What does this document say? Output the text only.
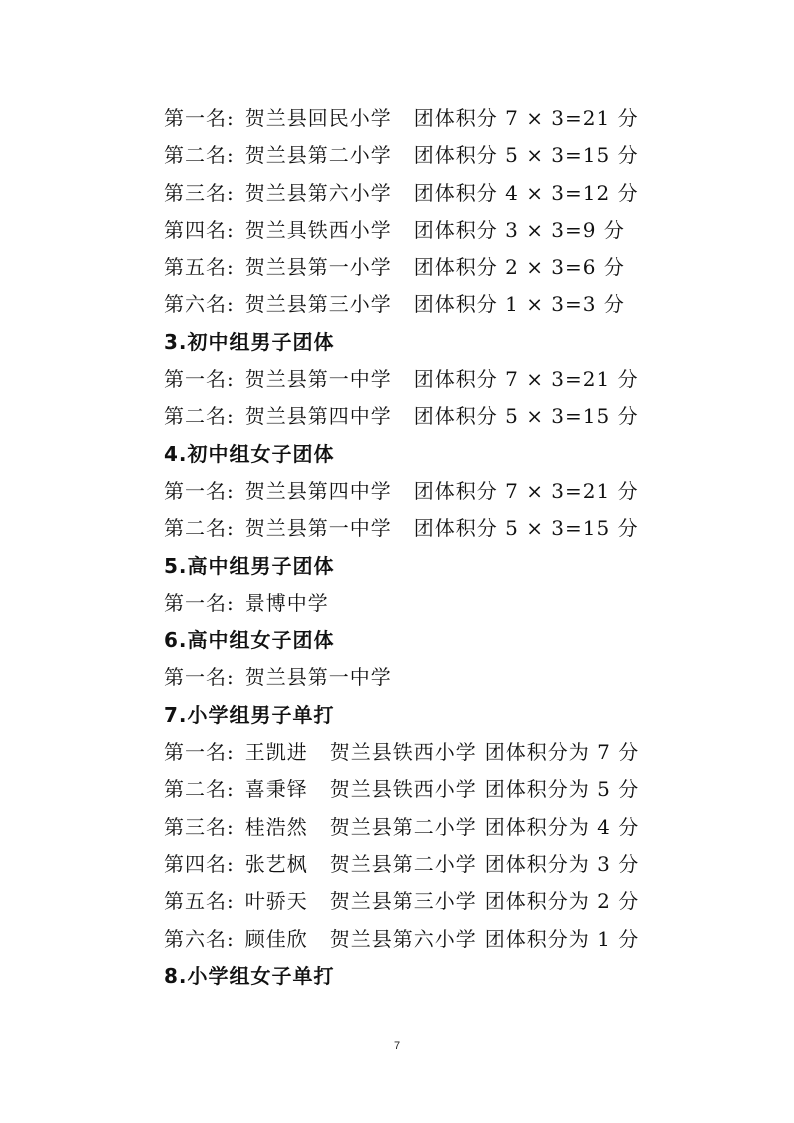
第一名: 贺兰县回民小学 团体积分 7 × 3=21 分
第二名: 贺兰县第二小学 团体积分 5 × 3=15 分
第三名: 贺兰县第六小学 团体积分 4 × 3=12 分
第四名: 贺兰具铁西小学 团体积分 3 × 3=9 分
第五名: 贺兰县第一小学 团体积分 2 × 3=6 分
第六名: 贺兰县第三小学 团体积分 1 × 3=3 分
3.初中组男子团体
第一名: 贺兰县第一中学 团体积分 7 × 3=21 分
第二名: 贺兰县第四中学 团体积分 5 × 3=15 分
4.初中组女子团体
第一名: 贺兰县第四中学 团体积分 7 × 3=21 分
第二名: 贺兰县第一中学 团体积分 5 × 3=15 分
5.高中组男子团体
第一名: 景博中学
6.高中组女子团体
第一名: 贺兰县第一中学
7.小学组男子单打
第一名: 王凯进 贺兰县铁西小学 团体积分为 7 分
第二名: 喜秉铎 贺兰县铁西小学 团体积分为 5 分
第三名: 桂浩然 贺兰县第二小学 团体积分为 4 分
第四名: 张艺枫 贺兰县第二小学 团体积分为 3 分
第五名: 叶骄天 贺兰县第三小学 团体积分为 2 分
第六名: 顾佳欣 贺兰县第六小学 团体积分为 1 分
8.小学组女子单打
7
